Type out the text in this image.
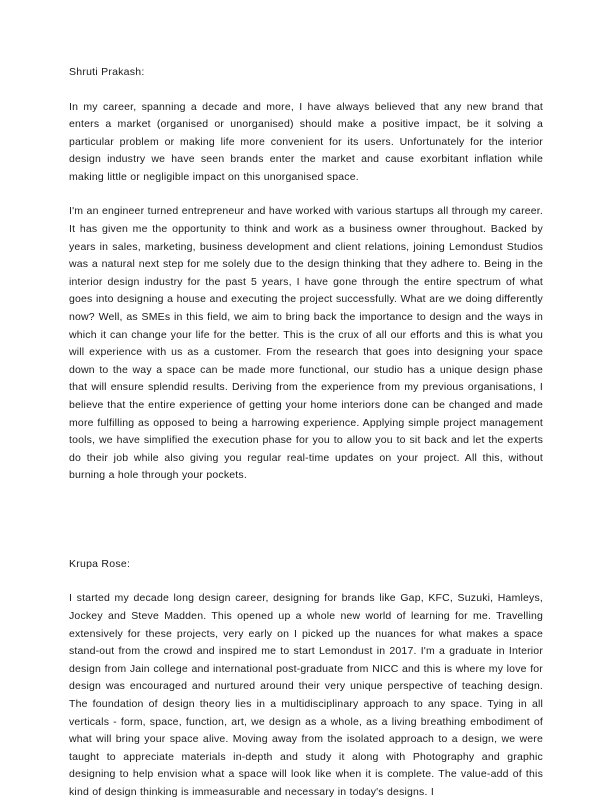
Shruti Prakash:

In my career, spanning a decade and more, I have always believed that any new brand that enters a market (organised or unorganised) should make a positive impact, be it solving a particular problem or making life more convenient for its users. Unfortunately for the interior design industry we have seen brands enter the market and cause exorbitant inflation while making little or negligible impact on this unorganised space.

I'm an engineer turned entrepreneur and have worked with various startups all through my career. It has given me the opportunity to think and work as a business owner throughout. Backed by years in sales, marketing, business development and client relations, joining Lemondust Studios was a natural next step for me solely due to the design thinking that they adhere to. Being in the interior design industry for the past 5 years, I have gone through the entire spectrum of what goes into designing a house and executing the project successfully. What are we doing differently now? Well, as SMEs in this field, we aim to bring back the importance to design and the ways in which it can change your life for the better. This is the crux of all our efforts and this is what you will experience with us as a customer. From the research that goes into designing your space down to the way a space can be made more functional, our studio has a unique design phase that will ensure splendid results. Deriving from the experience from my previous organisations, I believe that the entire experience of getting your home interiors done can be changed and made more fulfilling as opposed to being a harrowing experience. Applying simple project management tools, we have simplified the execution phase for you to allow you to sit back and let the experts do their job while also giving you regular real-time updates on your project. All this, without burning a hole through your pockets.

Krupa Rose:

I started my decade long design career, designing for brands like Gap, KFC, Suzuki, Hamleys, Jockey and Steve Madden. This opened up a whole new world of learning for me. Travelling extensively for these projects, very early on I picked up the nuances for what makes a space stand-out from the crowd and inspired me to start Lemondust in 2017. I'm a graduate in Interior design from Jain college and international post-graduate from NICC and this is where my love for design was encouraged and nurtured around their very unique perspective of teaching design. The foundation of design theory lies in a multidisciplinary approach to any space. Tying in all verticals - form, space, function, art, we design as a whole, as a living breathing embodiment of what will bring your space alive. Moving away from the isolated approach to a design, we were taught to appreciate materials in-depth and study it along with Photography and graphic designing to help envision what a space will look like when it is complete. The value-add of this kind of design thinking is immeasurable and necessary in today's designs. I
